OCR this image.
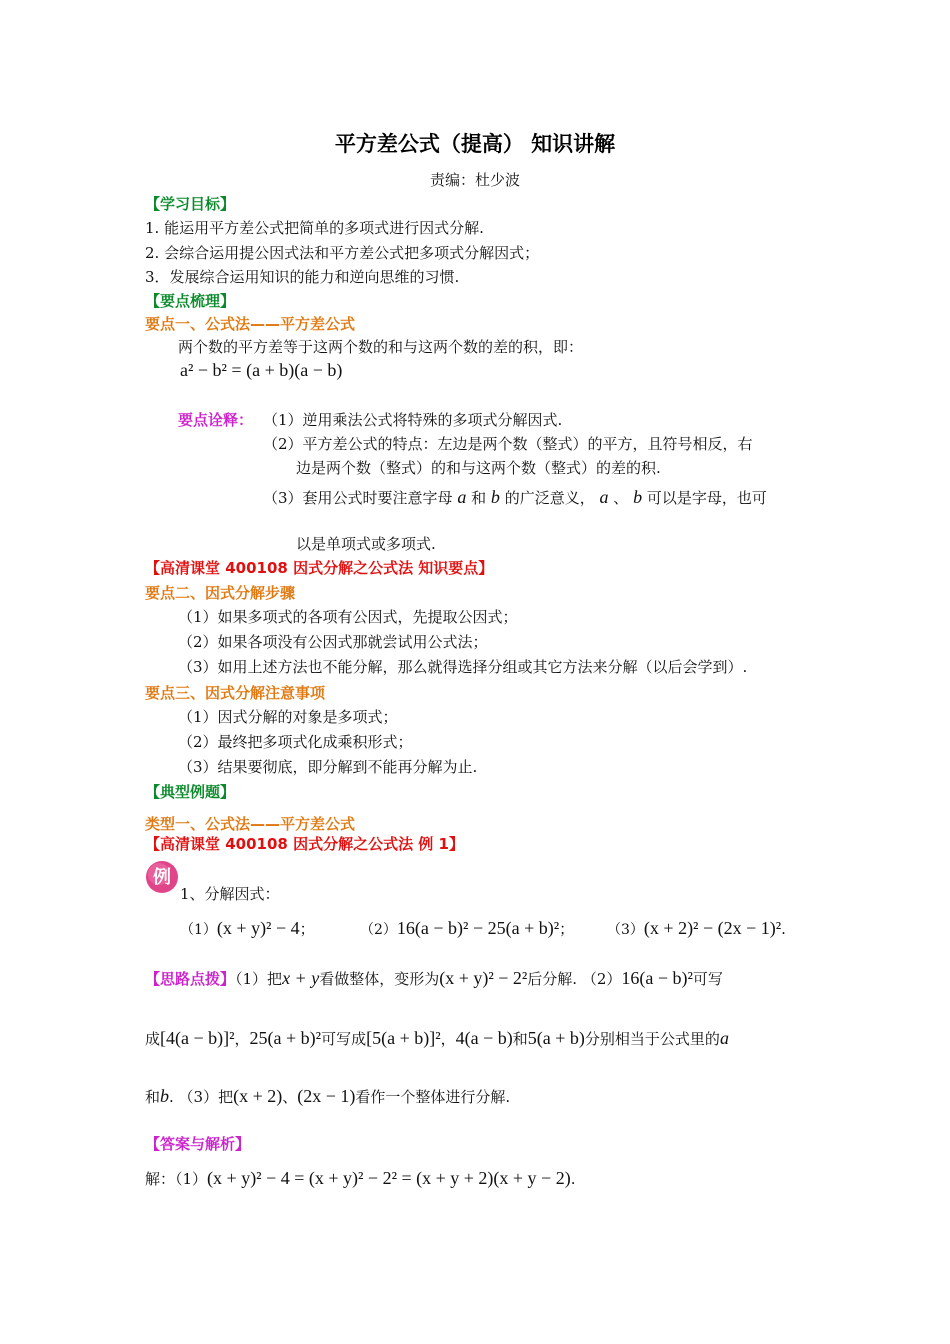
平方差公式（提高） 知识讲解
责编：杜少波
【学习目标】
1. 能运用平方差公式把简单的多项式进行因式分解.
2. 会综合运用提公因式法和平方差公式把多项式分解因式；
3．发展综合运用知识的能力和逆向思维的习惯.
【要点梳理】
要点一、公式法——平方差公式
两个数的平方差等于这两个数的和与这两个数的差的积，即：
a² − b² = (a + b)(a − b)
要点诠释： （1）逆用乘法公式将特殊的多项式分解因式.
（2）平方差公式的特点：左边是两个数（整式）的平方，且符号相反，右
边是两个数（整式）的和与这两个数（整式）的差的积.
（3）套用公式时要注意字母 a 和 b 的广泛意义， a 、 b 可以是字母，也可
以是单项式或多项式.
【高清课堂 400108 因式分解之公式法 知识要点】
要点二、因式分解步骤
（1）如果多项式的各项有公因式，先提取公因式；
（2）如果各项没有公因式那就尝试用公式法；
（3）如用上述方法也不能分解，那么就得选择分组或其它方法来分解（以后会学到）.
要点三、因式分解注意事项
（1）因式分解的对象是多项式；
（2）最终把多项式化成乘积形式；
（3）结果要彻底，即分解到不能再分解为止.
【典型例题】
类型一、公式法——平方差公式
【高清课堂 400108 因式分解之公式法 例 1】
例
1、分解因式：
（1）(x + y)² − 4；	（2）16(a − b)² − 25(a + b)²； （3）(x + 2)² − (2x − 1)².
【思路点拨】（1）把x + y看做整体，变形为(x + y)² − 2²后分解. （2）16(a − b)²可写
成[4(a − b)]²，25(a + b)²可写成[5(a + b)]²，4(a − b)和5(a + b)分别相当于公式里的a
和b. （3）把(x + 2)、(2x − 1)看作一个整体进行分解.
【答案与解析】
解：（1）(x + y)² − 4 = (x + y)² − 2² = (x + y + 2)(x + y − 2).
